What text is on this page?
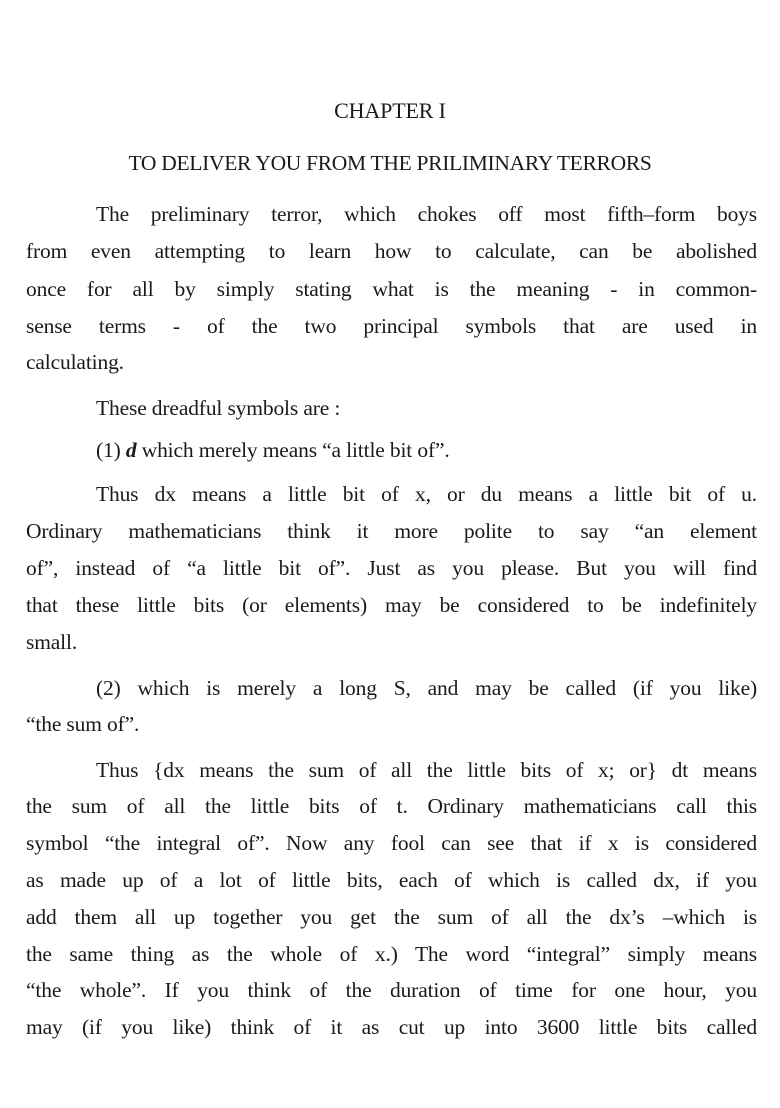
CHAPTER I
TO DELIVER YOU FROM THE PRILIMINARY TERRORS
The preliminary terror, which chokes off most fifth–form boys
from even attempting to learn how to calculate, can be abolished
once for all by simply stating what is the meaning - in common-
sense terms - of the two principal symbols that are used in
calculating.
These dreadful symbols are :
(1) d which merely means “a little bit of”.
Thus dx means a little bit of x, or du means a little bit of u.
Ordinary mathematicians think it more polite to say “an element
of”, instead of “a little bit of”. Just as you please. But you will find
that these little bits (or elements) may be considered to be indefinitely
small.
(2) which is merely a long S, and may be called (if you like)
“the sum of”.
Thus {dx means the sum of all the little bits of x; or} dt means
the sum of all the little bits of t. Ordinary mathematicians call this
symbol “the integral of”. Now any fool can see that if x is considered
as made up of a lot of little bits, each of which is called dx, if you
add them all up together you get the sum of all the dx’s –which is
the same thing as the whole of x.) The word “integral” simply means
“the whole”. If you think of the duration of time for one hour, you
may (if you like) think of it as cut up into 3600 little bits called
